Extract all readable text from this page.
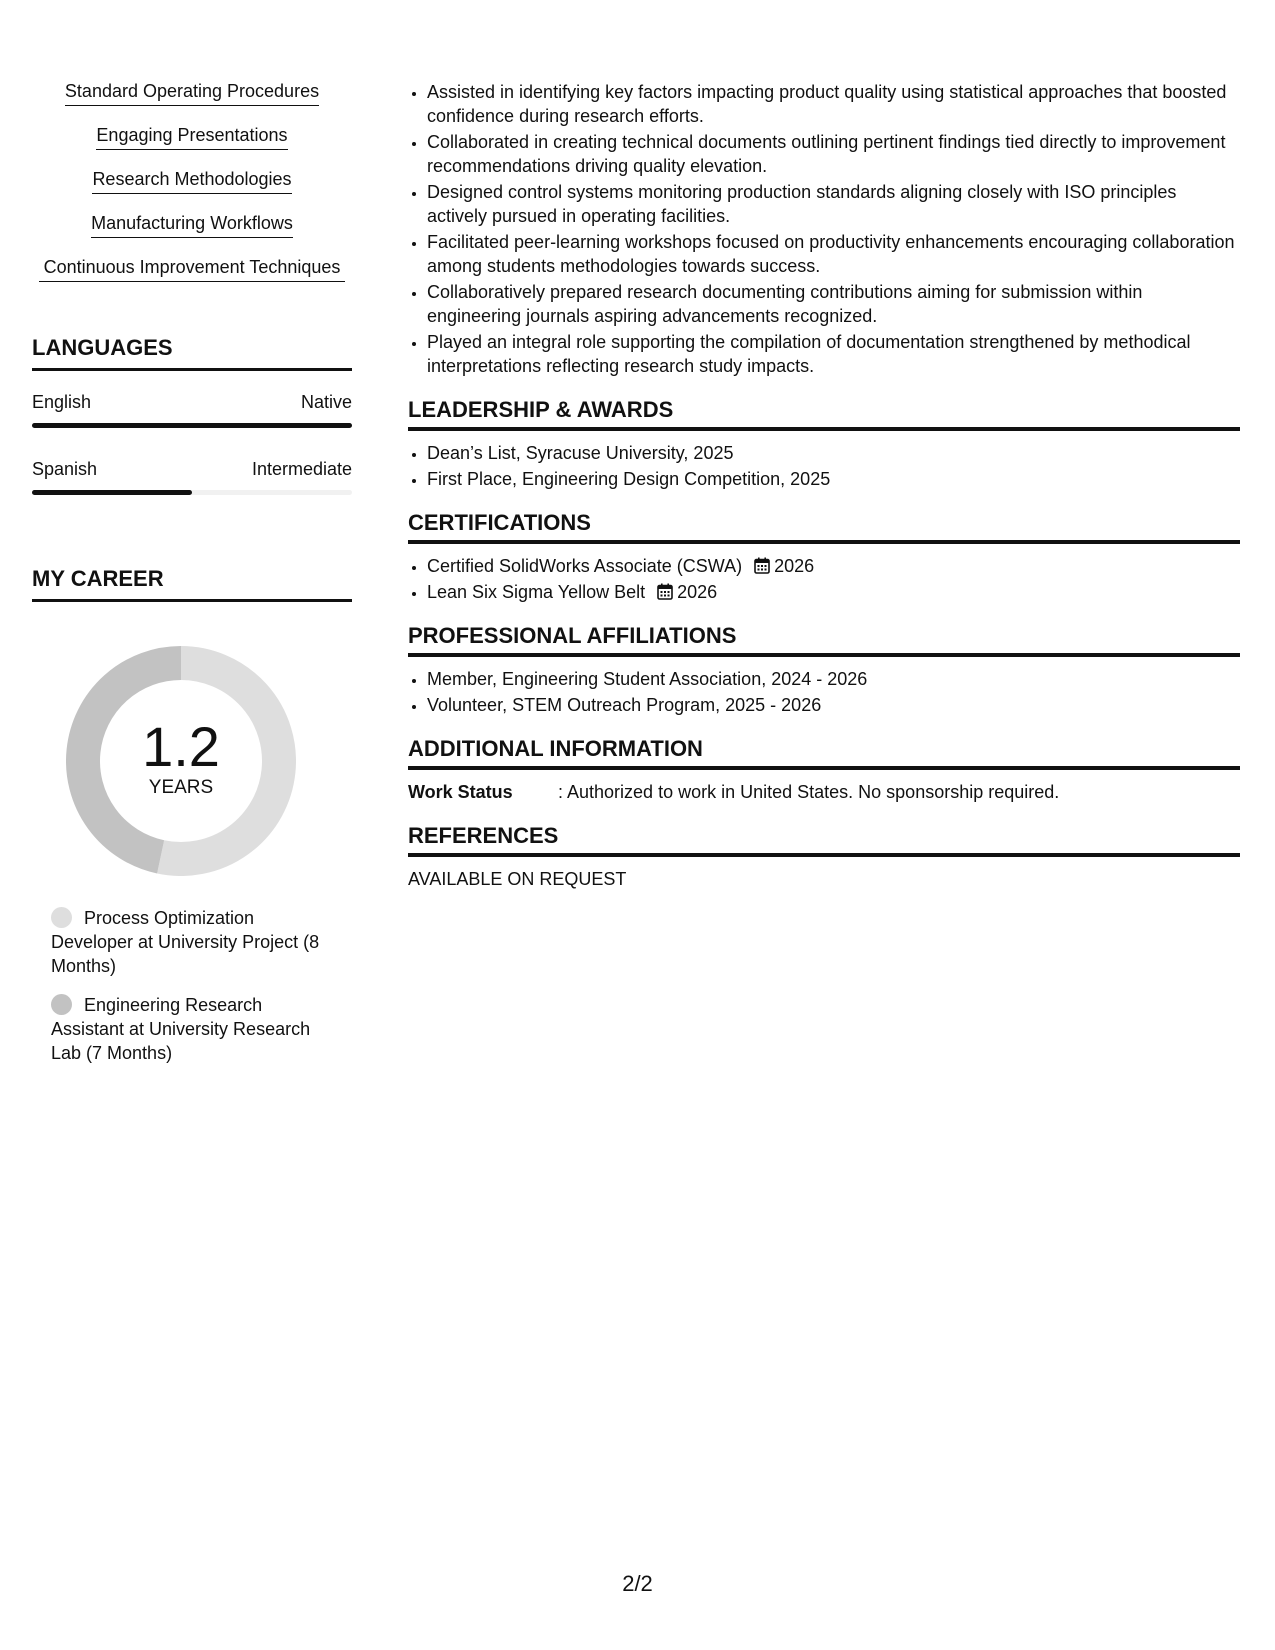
Standard Operating Procedures
Engaging Presentations
Research Methodologies
Manufacturing Workflows
Continuous Improvement Techniques
LANGUAGES
English	Native
Spanish	Intermediate
MY CAREER
1.2
YEARS
Process Optimization Developer at University Project (8 Months)
Engineering Research Assistant at University Research Lab (7 Months)
• Assisted in identifying key factors impacting product quality using statistical approaches that boosted confidence during research efforts.
• Collaborated in creating technical documents outlining pertinent findings tied directly to improvement recommendations driving quality elevation.
• Designed control systems monitoring production standards aligning closely with ISO principles actively pursued in operating facilities.
• Facilitated peer-learning workshops focused on productivity enhancements encouraging collaboration among students methodologies towards success.
• Collaboratively prepared research documenting contributions aiming for submission within engineering journals aspiring advancements recognized.
• Played an integral role supporting the compilation of documentation strengthened by methodical interpretations reflecting research study impacts.
LEADERSHIP & AWARDS
• Dean’s List, Syracuse University, 2025
• First Place, Engineering Design Competition, 2025
CERTIFICATIONS
• Certified SolidWorks Associate (CSWA) 2026
• Lean Six Sigma Yellow Belt 2026
PROFESSIONAL AFFILIATIONS
• Member, Engineering Student Association, 2024 - 2026
• Volunteer, STEM Outreach Program, 2025 - 2026
ADDITIONAL INFORMATION
Work Status	: Authorized to work in United States. No sponsorship required.
REFERENCES
AVAILABLE ON REQUEST
2/2
